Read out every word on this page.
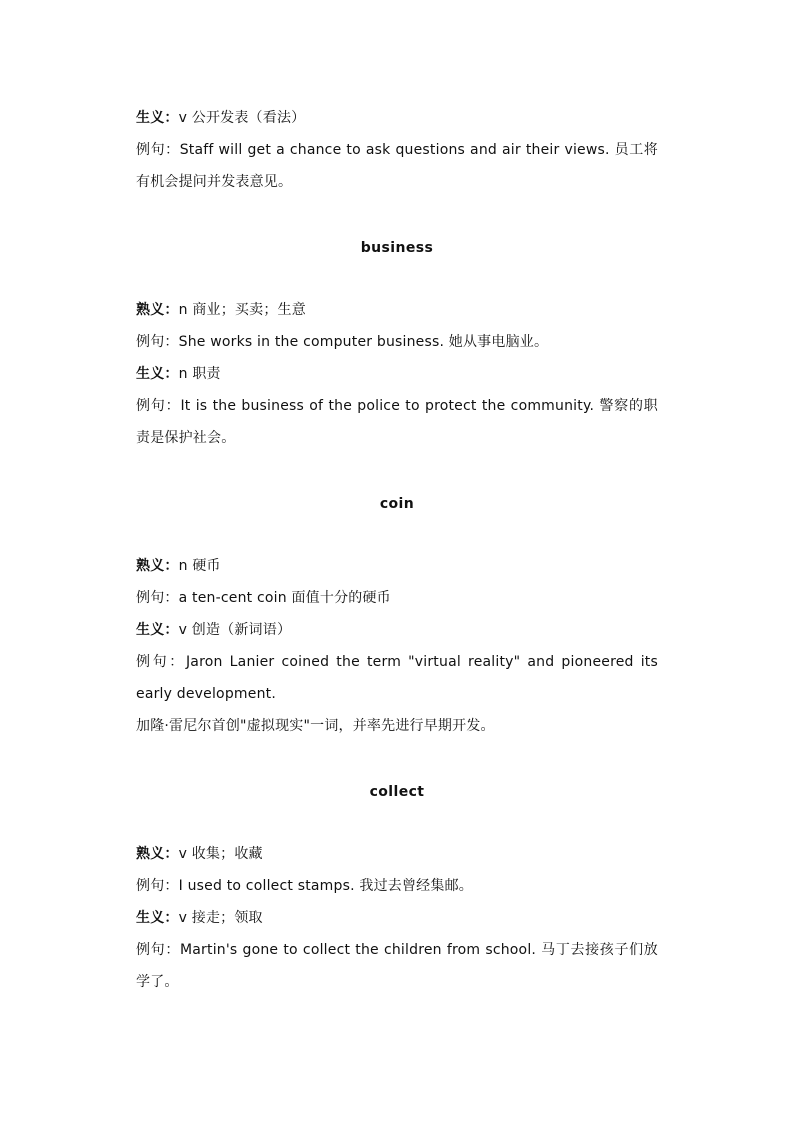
生义：v 公开发表（看法）
例句：Staff will get a chance to ask questions and air their views. 员工将有机会提问并发表意见。
business
熟义：n 商业；买卖；生意
例句：She works in the computer business. 她从事电脑业。
生义：n 职责
例句：It is the business of the police to protect the community. 警察的职责是保护社会。
coin
熟义：n 硬币
例句：a ten-cent coin 面值十分的硬币
生义：v 创造（新词语）
例句：Jaron Lanier coined the term "virtual reality" and pioneered its early development.
加隆·雷尼尔首创"虚拟现实"一词，并率先进行早期开发。
collect
熟义：v 收集；收藏
例句：I used to collect stamps. 我过去曾经集邮。
生义：v 接走；领取
例句：Martin's gone to collect the children from school. 马丁去接孩子们放学了。
